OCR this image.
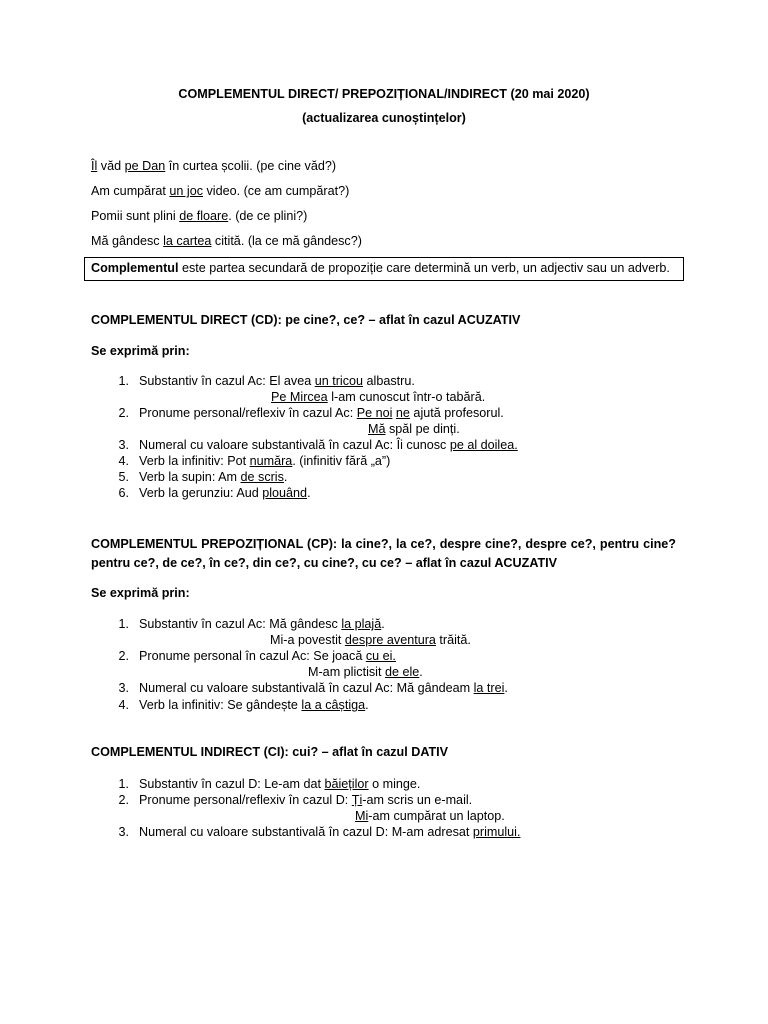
COMPLEMENTUL DIRECT/ PREPOZIȚIONAL/INDIRECT (20 mai 2020)
(actualizarea cunoștințelor)
Îl văd pe Dan în curtea școlii. (pe cine văd?)
Am cumpărat un joc video. (ce am cumpărat?)
Pomii sunt plini de floare. (de ce plini?)
Mă gândesc la cartea citită. (la ce mă gândesc?)
Complementul este partea secundară de propoziție care determină un verb, un adjectiv sau un adverb.
COMPLEMENTUL DIRECT (CD): pe cine?, ce? – aflat în cazul ACUZATIV
Se exprimă prin:
1. Substantiv în cazul Ac: El avea un tricou albastru.
Pe Mircea l-am cunoscut într-o tabără.
2. Pronume personal/reflexiv în cazul Ac: Pe noi ne ajută profesorul.
Mă spăl pe dinți.
3. Numeral cu valoare substantivală în cazul Ac: Îi cunosc pe al doilea.
4. Verb la infinitiv: Pot număra. (infinitiv fără „a”)
5. Verb la supin: Am de scris.
6. Verb la gerunziu: Aud plouând.
COMPLEMENTUL PREPOZIȚIONAL (CP): la cine?, la ce?, despre cine?, despre ce?, pentru cine? pentru ce?, de ce?, în ce?, din ce?, cu cine?, cu ce? – aflat în cazul ACUZATIV
Se exprimă prin:
1. Substantiv în cazul Ac: Mă gândesc la plajă.
Mi-a povestit despre aventura trăită.
2. Pronume personal în cazul Ac: Se joacă cu ei.
M-am plictisit de ele.
3. Numeral cu valoare substantivală în cazul Ac: Mă gândeam la trei.
4. Verb la infinitiv: Se gândește la a câștiga.
COMPLEMENTUL INDIRECT (CI): cui? – aflat în cazul DATIV
1. Substantiv în cazul D: Le-am dat băieților o minge.
2. Pronume personal/reflexiv în cazul D: Ți-am scris un e-mail.
Mi-am cumpărat un laptop.
3. Numeral cu valoare substantivală în cazul D: M-am adresat primului.
